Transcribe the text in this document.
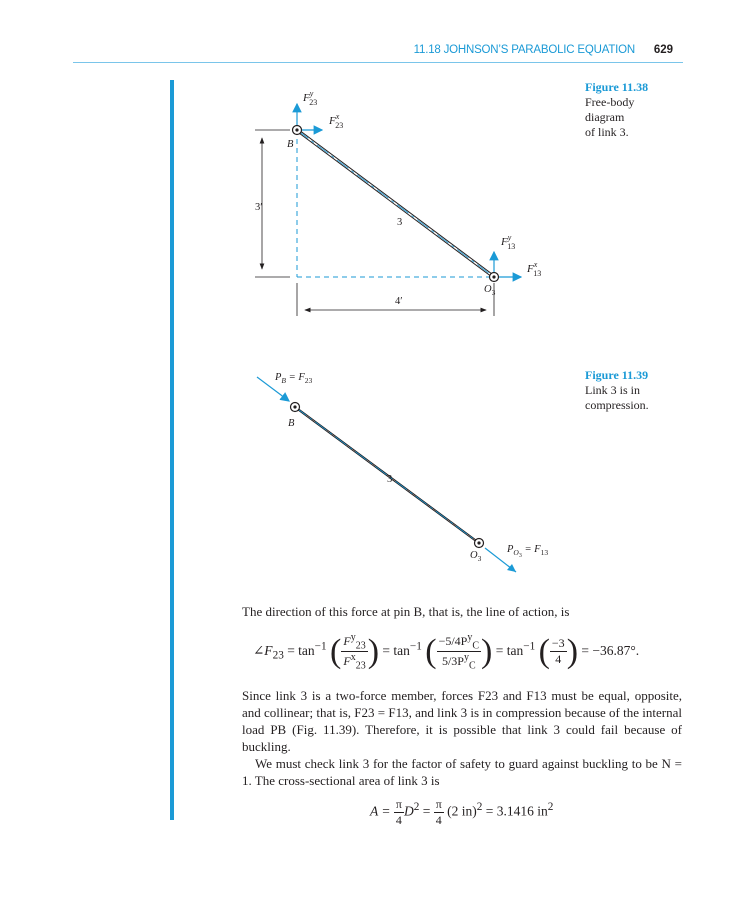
11.18 JOHNSON’S PARABOLIC EQUATION 629
Figure 11.38
Free-body
diagram
of link 3.
$F^y$ 23
$F^x$ 23
B
3
3′
4′
$F^y$ 13
$F^x$ 13
$O_3$
Figure 11.39
Link 3 is in
compression.
$P_B = F_{23}$
B
3
$O_3$
$P_O3 = F_{13}$
The direction of this force at pin B, that is, the line of action, is
$\angle F_{23} = \tan^{-1}$ ( $\frac{F^y_{23}}{F^x_{23}}$ ) = $\tan^{-1}$ ( $\frac{-5/4P^y_C}{5/3P^y_C}$ ) = $\tan^{-1}$ ( $\frac{-3}{4}$ ) = −36.87°.
Since link 3 is a two-force member, forces F23 and F13 must be equal, opposite, and collinear; that is, F23 = F13, and link 3 is in compression because of the internal load PB (Fig. 11.39). Therefore, it is possible that link 3 could fail because of buckling.
We must check link 3 for the factor of safety to guard against buckling to be N = 1. The cross-sectional area of link 3 is
$A = \frac{\pi}{4} D^2 = \frac{\pi}{4} (2$ in)$^2$ = 3.1416 $in^2$
